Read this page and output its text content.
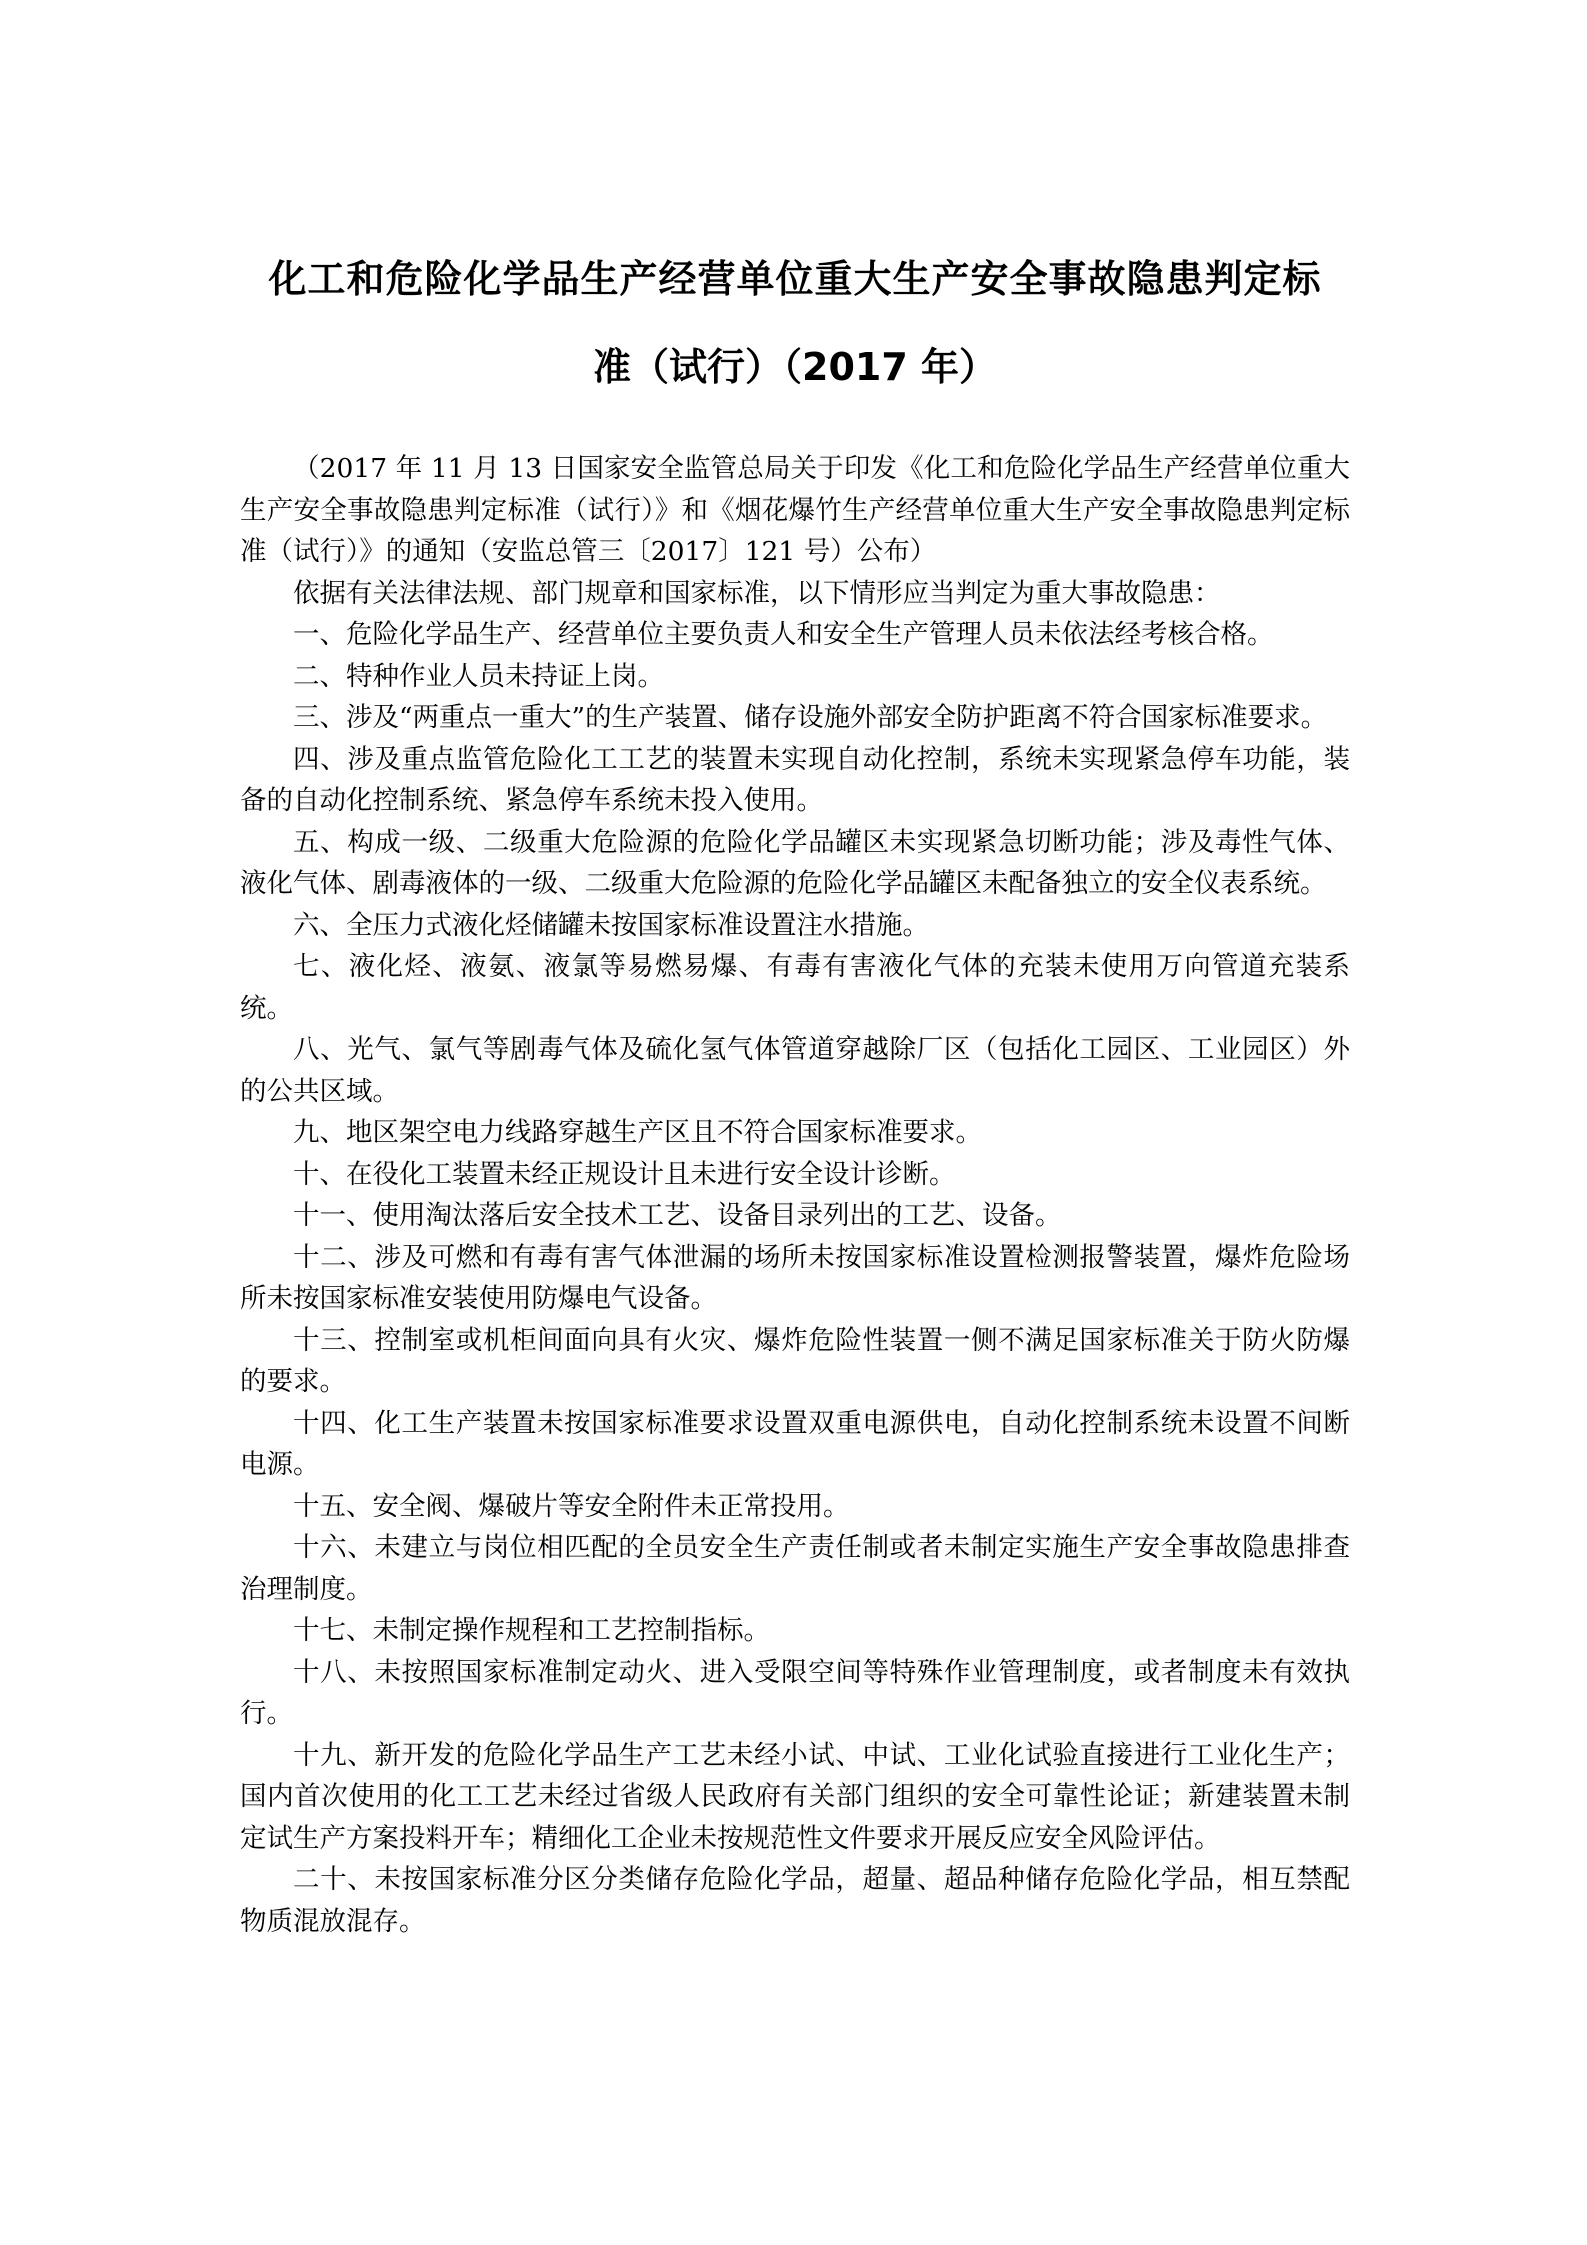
化工和危险化学品生产经营单位重大生产安全事故隐患判定标
准（试行）（2017 年）

（2017 年 11 月 13 日国家安全监管总局关于印发《化工和危险化学品生产经营单位重大生产安全事故隐患判定标准（试行）》和《烟花爆竹生产经营单位重大生产安全事故隐患判定标准（试行）》的通知（安监总管三〔2017〕121 号）公布）

依据有关法律法规、部门规章和国家标准，以下情形应当判定为重大事故隐患：

一、危险化学品生产、经营单位主要负责人和安全生产管理人员未依法经考核合格。

二、特种作业人员未持证上岗。

三、涉及“两重点一重大”的生产装置、储存设施外部安全防护距离不符合国家标准要求。

四、涉及重点监管危险化工工艺的装置未实现自动化控制，系统未实现紧急停车功能，装备的自动化控制系统、紧急停车系统未投入使用。

五、构成一级、二级重大危险源的危险化学品罐区未实现紧急切断功能；涉及毒性气体、液化气体、剧毒液体的一级、二级重大危险源的危险化学品罐区未配备独立的安全仪表系统。

六、全压力式液化烃储罐未按国家标准设置注水措施。

七、液化烃、液氨、液氯等易燃易爆、有毒有害液化气体的充装未使用万向管道充装系统。

八、光气、氯气等剧毒气体及硫化氢气体管道穿越除厂区（包括化工园区、工业园区）外的公共区域。

九、地区架空电力线路穿越生产区且不符合国家标准要求。

十、在役化工装置未经正规设计且未进行安全设计诊断。

十一、使用淘汰落后安全技术工艺、设备目录列出的工艺、设备。

十二、涉及可燃和有毒有害气体泄漏的场所未按国家标准设置检测报警装置，爆炸危险场所未按国家标准安装使用防爆电气设备。

十三、控制室或机柜间面向具有火灾、爆炸危险性装置一侧不满足国家标准关于防火防爆的要求。

十四、化工生产装置未按国家标准要求设置双重电源供电，自动化控制系统未设置不间断电源。

十五、安全阀、爆破片等安全附件未正常投用。

十六、未建立与岗位相匹配的全员安全生产责任制或者未制定实施生产安全事故隐患排查治理制度。

十七、未制定操作规程和工艺控制指标。

十八、未按照国家标准制定动火、进入受限空间等特殊作业管理制度，或者制度未有效执行。

十九、新开发的危险化学品生产工艺未经小试、中试、工业化试验直接进行工业化生产；国内首次使用的化工工艺未经过省级人民政府有关部门组织的安全可靠性论证；新建装置未制定试生产方案投料开车；精细化工企业未按规范性文件要求开展反应安全风险评估。

二十、未按国家标准分区分类储存危险化学品，超量、超品种储存危险化学品，相互禁配物质混放混存。
